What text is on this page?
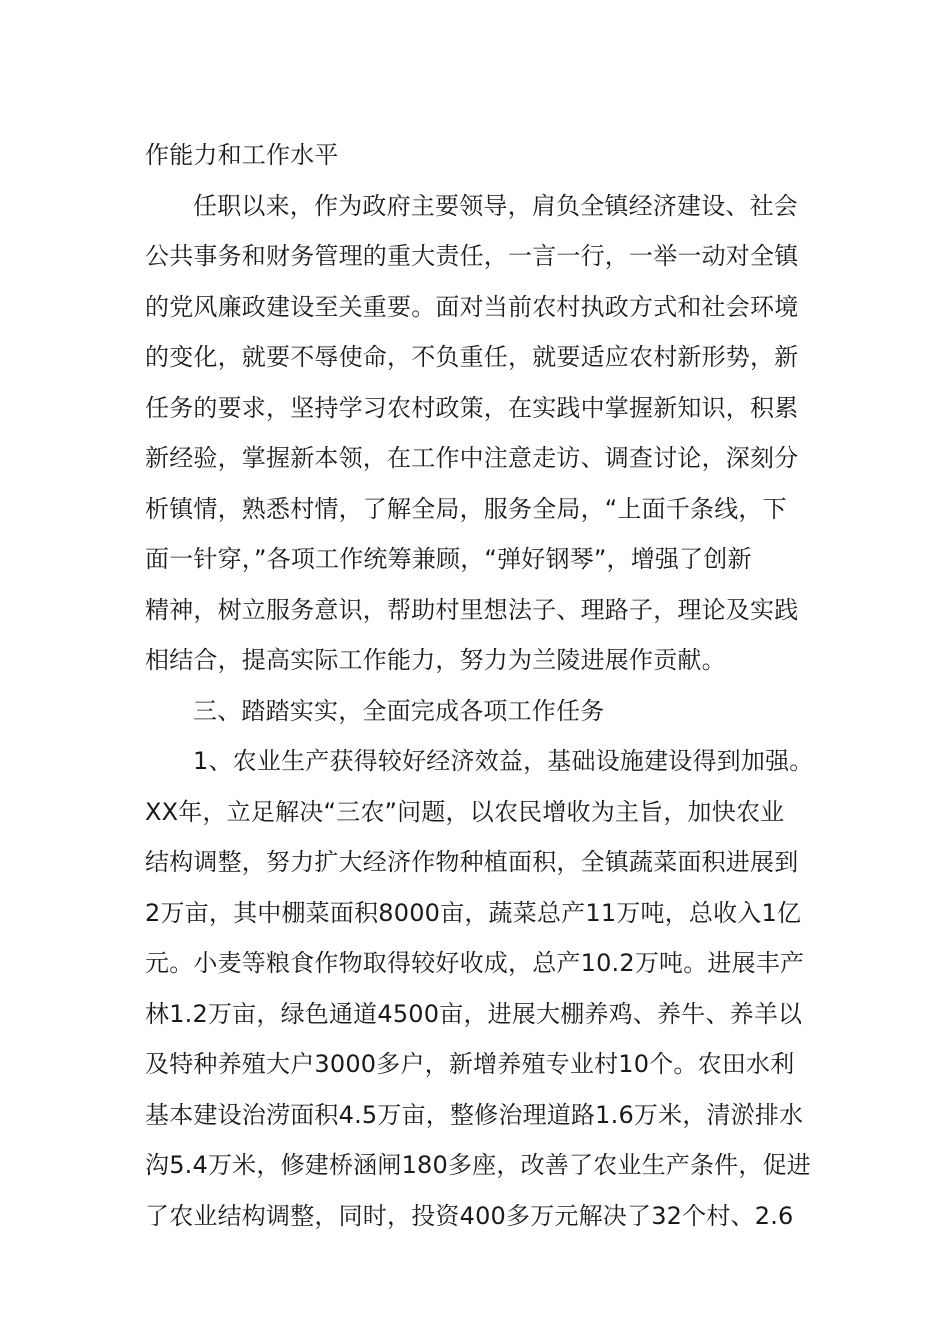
作能力和工作水平
任职以来，作为政府主要领导，肩负全镇经济建设、社会
公共事务和财务管理的重大责任，一言一行，一举一动对全镇
的党风廉政建设至关重要。面对当前农村执政方式和社会环境
的变化，就要不辱使命，不负重任，就要适应农村新形势，新
任务的要求，坚持学习农村政策，在实践中掌握新知识，积累
新经验，掌握新本领，在工作中注意走访、调查讨论，深刻分
析镇情，熟悉村情，了解全局，服务全局，“上面千条线，下
面一针穿，”各项工作统筹兼顾，“弹好钢琴”，增强了创新
精神，树立服务意识，帮助村里想法子、理路子，理论及实践
相结合，提高实际工作能力，努力为兰陵进展作贡献。
三、踏踏实实，全面完成各项工作任务
1、农业生产获得较好经济效益，基础设施建设得到加强。
XX年，立足解决“三农”问题，以农民增收为主旨，加快农业
结构调整，努力扩大经济作物种植面积，全镇蔬菜面积进展到
2万亩，其中棚菜面积8000亩，蔬菜总产11万吨，总收入1亿
元。小麦等粮食作物取得较好收成，总产10.2万吨。进展丰产
林1.2万亩，绿色通道4500亩，进展大棚养鸡、养牛、养羊以
及特种养殖大户3000多户，新增养殖专业村10个。农田水利
基本建设治涝面积4.5万亩，整修治理道路1.6万米，清淤排水
沟5.4万米，修建桥涵闸180多座，改善了农业生产条件，促进
了农业结构调整，同时，投资400多万元解决了32个村、2.6
